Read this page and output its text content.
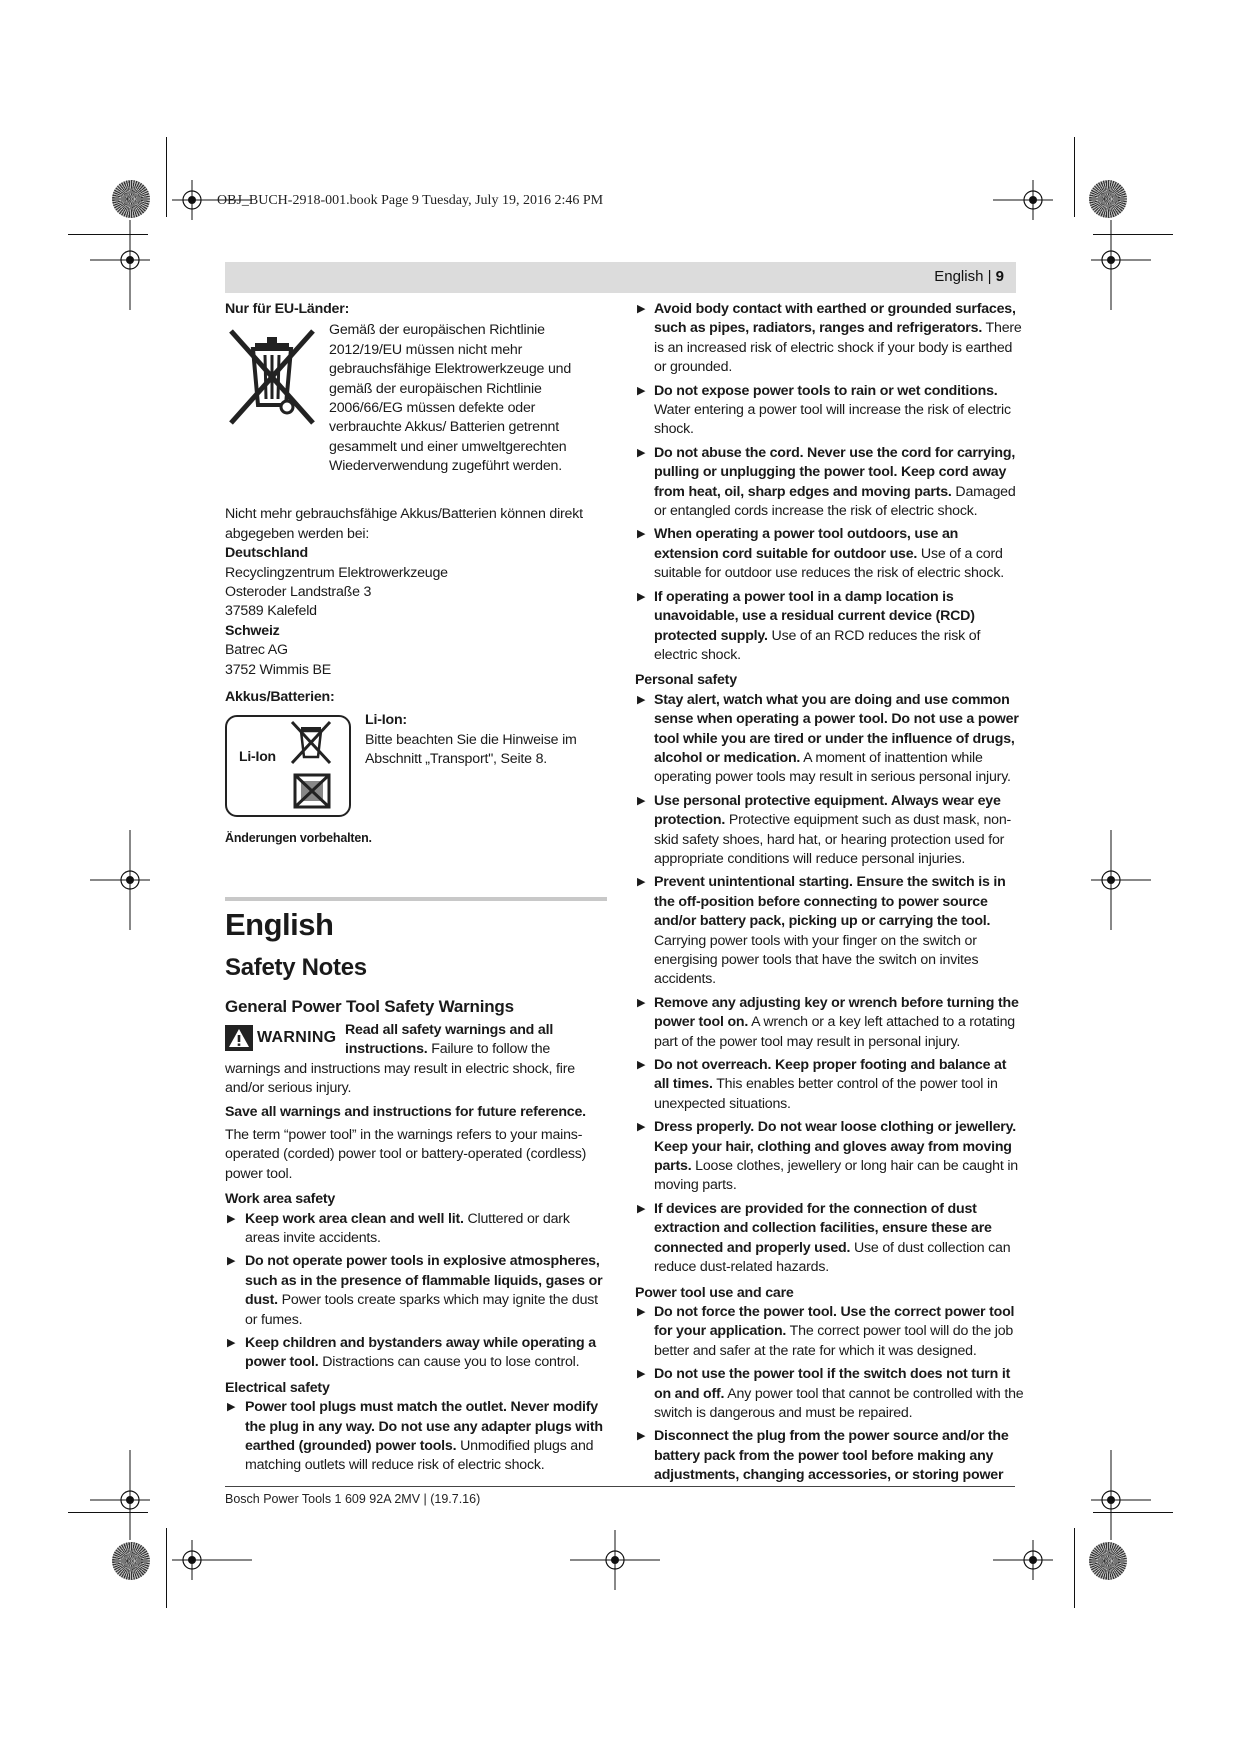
OBJ_BUCH-2918-001.book Page 9 Tuesday, July 19, 2016 2:46 PM
English | 9

Nur für EU-Länder:

Gemäß der europäischen Richtlinie 2012/19/EU müssen nicht mehr gebrauchsfähige Elektrowerkzeuge und gemäß der europäischen Richtlinie 2006/66/EG müssen defekte oder verbrauchte Akkus/ Batterien getrennt gesammelt und einer umweltgerechten Wiederverwendung zugeführt werden.

Nicht mehr gebrauchsfähige Akkus/Batterien können direkt abgegeben werden bei:

Deutschland

Recyclingzentrum Elektrowerkzeuge

Osteroder Landstraße 3

37589 Kalefeld

Schweiz

Batrec AG

3752 Wimmis BE

Akkus/Batterien:

Li-Ion

Li-Ion:

Bitte beachten Sie die Hinweise im Abschnitt „Transport", Seite 8.

Änderungen vorbehalten.

English
Safety Notes
General Power Tool Safety Warnings
WARNING Read all safety warnings and all instructions. Failure to follow the warnings and instructions may result in electric shock, fire and/or serious injury.

Save all warnings and instructions for future reference.

The term “power tool” in the warnings refers to your mains-operated (corded) power tool or battery-operated (cordless) power tool.

Work area safety

▶ Keep work area clean and well lit. Cluttered or dark areas invite accidents.
▶ Do not operate power tools in explosive atmospheres, such as in the presence of flammable liquids, gases or dust. Power tools create sparks which may ignite the dust or fumes.
▶ Keep children and bystanders away while operating a power tool. Distractions can cause you to lose control.

Electrical safety

▶ Power tool plugs must match the outlet. Never modify the plug in any way. Do not use any adapter plugs with earthed (grounded) power tools. Unmodified plugs and matching outlets will reduce risk of electric shock.
▶ Avoid body contact with earthed or grounded surfaces, such as pipes, radiators, ranges and refrigerators. There is an increased risk of electric shock if your body is earthed or grounded.
▶ Do not expose power tools to rain or wet conditions. Water entering a power tool will increase the risk of electric shock.
▶ Do not abuse the cord. Never use the cord for carrying, pulling or unplugging the power tool. Keep cord away from heat, oil, sharp edges and moving parts. Damaged or entangled cords increase the risk of electric shock.
▶ When operating a power tool outdoors, use an extension cord suitable for outdoor use. Use of a cord suitable for outdoor use reduces the risk of electric shock.
▶ If operating a power tool in a damp location is unavoidable, use a residual current device (RCD) protected supply. Use of an RCD reduces the risk of electric shock.

Personal safety

▶ Stay alert, watch what you are doing and use common sense when operating a power tool. Do not use a power tool while you are tired or under the influence of drugs, alcohol or medication. A moment of inattention while operating power tools may result in serious personal injury.
▶ Use personal protective equipment. Always wear eye protection. Protective equipment such as dust mask, non-skid safety shoes, hard hat, or hearing protection used for appropriate conditions will reduce personal injuries.
▶ Prevent unintentional starting. Ensure the switch is in the off-position before connecting to power source and/or battery pack, picking up or carrying the tool. Carrying power tools with your finger on the switch or energising power tools that have the switch on invites accidents.
▶ Remove any adjusting key or wrench before turning the power tool on. A wrench or a key left attached to a rotating part of the power tool may result in personal injury.
▶ Do not overreach. Keep proper footing and balance at all times. This enables better control of the power tool in unexpected situations.
▶ Dress properly. Do not wear loose clothing or jewellery. Keep your hair, clothing and gloves away from moving parts. Loose clothes, jewellery or long hair can be caught in moving parts.
▶ If devices are provided for the connection of dust extraction and collection facilities, ensure these are connected and properly used. Use of dust collection can reduce dust-related hazards.

Power tool use and care

▶ Do not force the power tool. Use the correct power tool for your application. The correct power tool will do the job better and safer at the rate for which it was designed.
▶ Do not use the power tool if the switch does not turn it on and off. Any power tool that cannot be controlled with the switch is dangerous and must be repaired.
▶ Disconnect the plug from the power source and/or the battery pack from the power tool before making any adjustments, changing accessories, or storing power
Bosch Power Tools 1 609 92A 2MV | (19.7.16)
